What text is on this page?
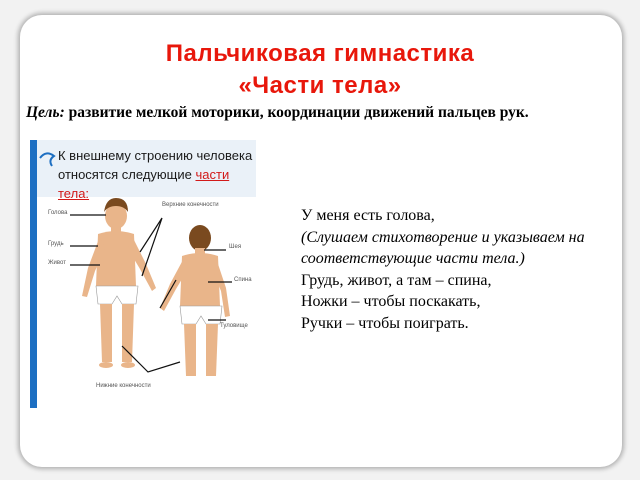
Пальчиковая гимнастика
«Части тела»
Цель: развитие мелкой моторики, координации движений пальцев рук.
К внешнему строению человека
относятся следующие части тела:
Голова
Грудь
Живот
Верхние конечности
Шея
Спина
Туловище
Нижние конечности
У меня есть голова,
(Слушаем стихотворение и указываем на соответствующие части тела.)
Грудь, живот, а там – спина,
Ножки – чтобы поскакать,
Ручки – чтобы поиграть.
